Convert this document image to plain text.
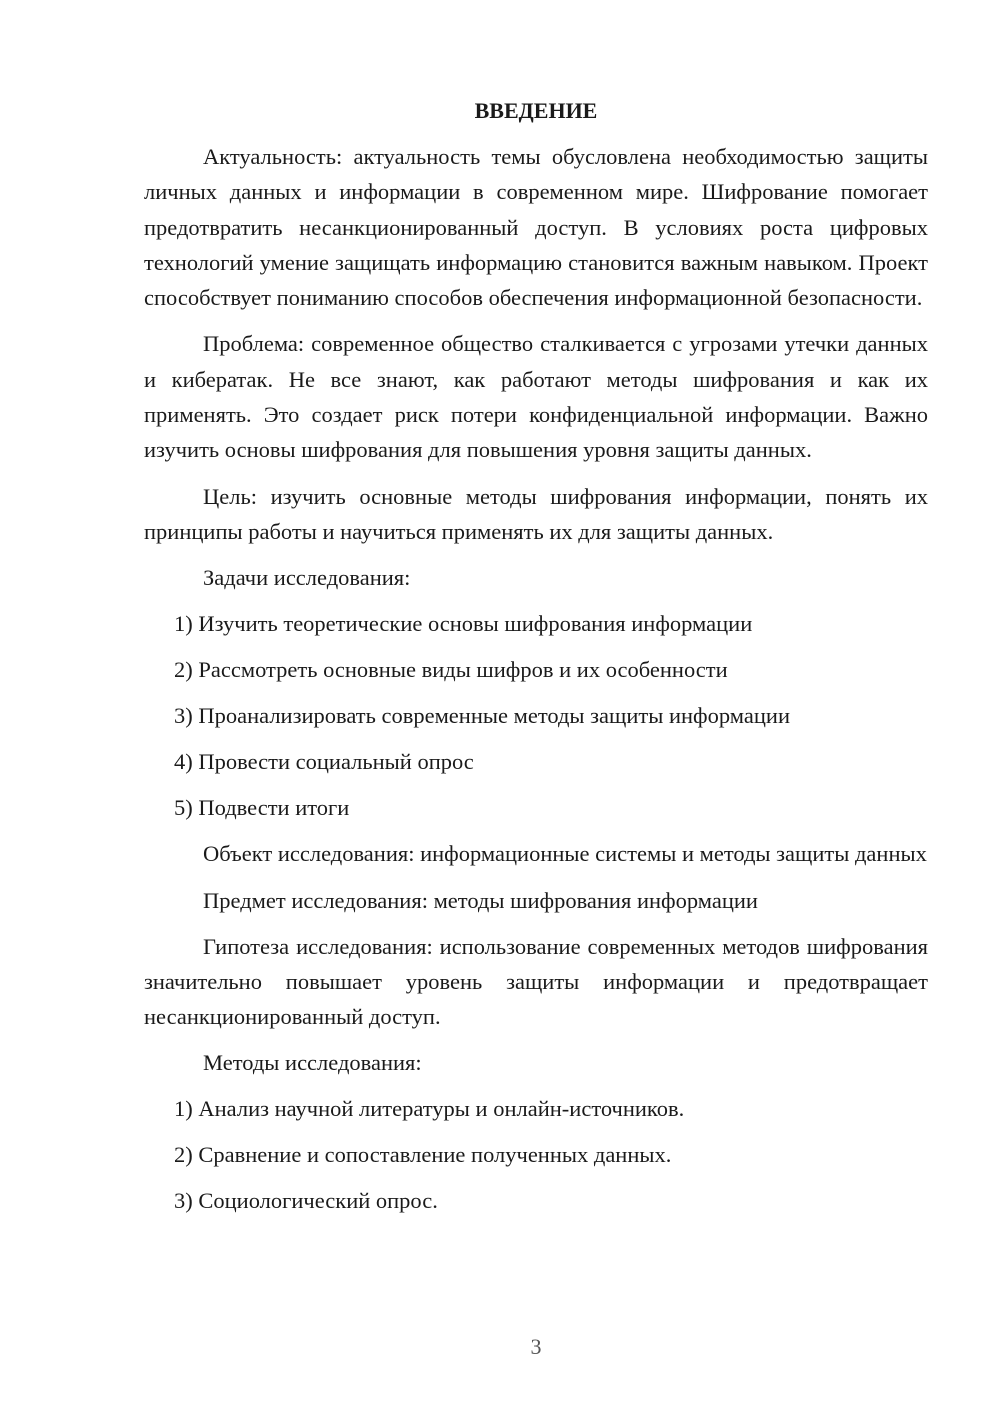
ВВЕДЕНИЕ

Актуальность: актуальность темы обусловлена необходимостью защиты личных данных и информации в современном мире. Шифрование помогает предотвратить несанкционированный доступ. В условиях роста цифровых технологий умение защищать информацию становится важным навыком. Проект способствует пониманию способов обеспечения информационной безопасности.

Проблема: современное общество сталкивается с угрозами утечки данных и кибератак. Не все знают, как работают методы шифрования и как их применять. Это создает риск потери конфиденциальной информации. Важно изучить основы шифрования для повышения уровня защиты данных.

Цель: изучить основные методы шифрования информации, понять их принципы работы и научиться применять их для защиты данных.

Задачи исследования:

1) Изучить теоретические основы шифрования информации

2) Рассмотреть основные виды шифров и их особенности

3) Проанализировать современные методы защиты информации

4) Провести социальный опрос

5) Подвести итоги

Объект исследования: информационные системы и методы защиты данных

Предмет исследования: методы шифрования информации

Гипотеза исследования: использование современных методов шифрования значительно повышает уровень защиты информации и предотвращает несанкционированный доступ.

Методы исследования:

1) Анализ научной литературы и онлайн-источников.

2) Сравнение и сопоставление полученных данных.

3) Социологический опрос.

3
